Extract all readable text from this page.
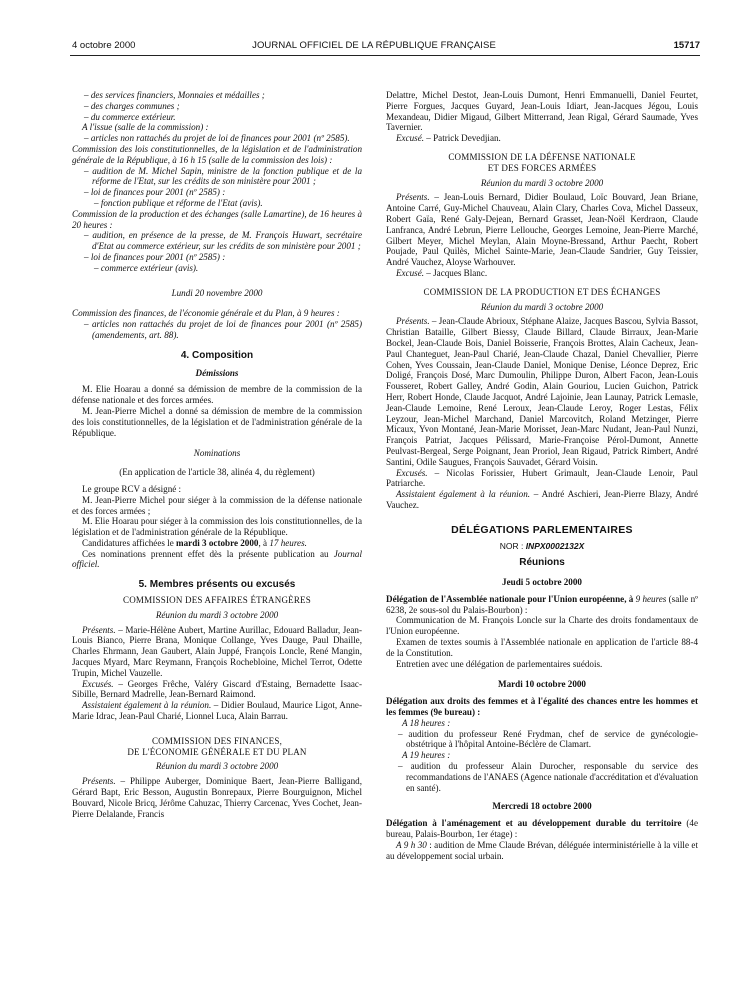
4 octobre 2000	JOURNAL OFFICIEL DE LA RÉPUBLIQUE FRANÇAISE	15717

– des services financiers, Monnaies et médailles ;

– des charges communes ;

– du commerce extérieur.

A l'issue (salle de la commission) :

– articles non rattachés du projet de loi de finances pour 2001 (nº 2585).

Commission des lois constitutionnelles, de la législation et de l'administration générale de la République, à 16 h 15 (salle de la commission des lois) :

– audition de M. Michel Sapin, ministre de la fonction publique et de la réforme de l'Etat, sur les crédits de son ministère pour 2001 ;

– loi de finances pour 2001 (nº 2585) :

– fonction publique et réforme de l'Etat (avis).

Commission de la production et des échanges (salle Lamartine), de 16 heures à 20 heures :

– audition, en présence de la presse, de M. François Huwart, secrétaire d'Etat au commerce extérieur, sur les crédits de son ministère pour 2001 ;

– loi de finances pour 2001 (nº 2585) :

– commerce extérieur (avis).

Lundi 20 novembre 2000

Commission des finances, de l'économie générale et du Plan, à 9 heures :

– articles non rattachés du projet de loi de finances pour 2001 (nº 2585) (amendements, art. 88).

4. Composition

Démissions

M. Elie Hoarau a donné sa démission de membre de la commission de la défense nationale et des forces armées.

M. Jean-Pierre Michel a donné sa démission de membre de la commission des lois constitutionnelles, de la législation et de l'administration générale de la République.

Nominations

(En application de l'article 38, alinéa 4, du règlement)

Le groupe RCV a désigné :

M. Jean-Pierre Michel pour siéger à la commission de la défense nationale et des forces armées ;

M. Elie Hoarau pour siéger à la commission des lois constitutionnelles, de la législation et de l'administration générale de la République.

Candidatures affichées le mardi 3 octobre 2000, à 17 heures.

Ces nominations prennent effet dès la présente publication au Journal officiel.

5. Membres présents ou excusés

COMMISSION DES AFFAIRES ÉTRANGÈRES

Réunion du mardi 3 octobre 2000

Présents. – Marie-Hélène Aubert, Martine Aurillac, Edouard Balladur, Jean-Louis Bianco, Pierre Brana, Monique Collange, Yves Dauge, Paul Dhaille, Charles Ehrmann, Jean Gaubert, Alain Juppé, François Loncle, René Mangin, Jacques Myard, Marc Reymann, François Rochebloine, Michel Terrot, Odette Trupin, Michel Vauzelle.

Excusés. – Georges Frêche, Valéry Giscard d'Estaing, Bernadette Isaac-Sibille, Bernard Madrelle, Jean-Bernard Raimond.

Assistaient également à la réunion. – Didier Boulaud, Maurice Ligot, Anne-Marie Idrac, Jean-Paul Charié, Lionnel Luca, Alain Barrau.

COMMISSION DES FINANCES,

DE L'ÉCONOMIE GÉNÉRALE ET DU PLAN

Réunion du mardi 3 octobre 2000

Présents. – Philippe Auberger, Dominique Baert, Jean-Pierre Balligand, Gérard Bapt, Eric Besson, Augustin Bonrepaux, Pierre Bourguignon, Michel Bouvard, Nicole Bricq, Jérôme Cahuzac, Thierry Carcenac, Yves Cochet, Jean-Pierre Delalande, Francis

Delattre, Michel Destot, Jean-Louis Dumont, Henri Emmanuelli, Daniel Feurtet, Pierre Forgues, Jacques Guyard, Jean-Louis Idiart, Jean-Jacques Jégou, Louis Mexandeau, Didier Migaud, Gilbert Mitterrand, Jean Rigal, Gérard Saumade, Yves Tavernier.

Excusé. – Patrick Devedjian.

COMMISSION DE LA DÉFENSE NATIONALE

ET DES FORCES ARMÉES

Réunion du mardi 3 octobre 2000

Présents. – Jean-Louis Bernard, Didier Boulaud, Loïc Bouvard, Jean Briane, Antoine Carré, Guy-Michel Chauveau, Alain Clary, Charles Cova, Michel Dasseux, Robert Gaïa, René Galy-Dejean, Bernard Grasset, Jean-Noël Kerdraon, Claude Lanfranca, André Lebrun, Pierre Lellouche, Georges Lemoine, Jean-Pierre Marché, Gilbert Meyer, Michel Meylan, Alain Moyne-Bressand, Arthur Paecht, Robert Poujade, Paul Quilès, Michel Sainte-Marie, Jean-Claude Sandrier, Guy Teissier, André Vauchez, Aloyse Warhouver.

Excusé. – Jacques Blanc.

COMMISSION DE LA PRODUCTION ET DES ÉCHANGES

Réunion du mardi 3 octobre 2000

Présents. – Jean-Claude Abrioux, Stéphane Alaize, Jacques Bascou, Sylvia Bassot, Christian Bataille, Gilbert Biessy, Claude Billard, Claude Birraux, Jean-Marie Bockel, Jean-Claude Bois, Daniel Boisserie, François Brottes, Alain Cacheux, Jean-Paul Chanteguet, Jean-Paul Charié, Jean-Claude Chazal, Daniel Chevallier, Pierre Cohen, Yves Coussain, Jean-Claude Daniel, Monique Denise, Léonce Deprez, Eric Doligé, François Dosé, Marc Dumoulin, Philippe Duron, Albert Facon, Jean-Louis Fousseret, Robert Galley, André Godin, Alain Gouriou, Lucien Guichon, Patrick Herr, Robert Honde, Claude Jacquot, André Lajoinie, Jean Launay, Patrick Lemasle, Jean-Claude Lemoine, René Leroux, Jean-Claude Leroy, Roger Lestas, Félix Leyzour, Jean-Michel Marchand, Daniel Marcovitch, Roland Metzinger, Pierre Micaux, Yvon Montané, Jean-Marie Morisset, Jean-Marc Nudant, Jean-Paul Nunzi, François Patriat, Jacques Pélissard, Marie-Françoise Pérol-Dumont, Annette Peulvast-Bergeal, Serge Poignant, Jean Proriol, Jean Rigaud, Patrick Rimbert, André Santini, Odile Saugues, François Sauvadet, Gérard Voisin.

Excusés. – Nicolas Forissier, Hubert Grimault, Jean-Claude Lenoir, Paul Patriarche.

Assistaient également à la réunion. – André Aschieri, Jean-Pierre Blazy, André Vauchez.

DÉLÉGATIONS PARLEMENTAIRES

NOR : INPX0002132X

Réunions

Jeudi 5 octobre 2000

Délégation de l'Assemblée nationale pour l'Union européenne, à 9 heures (salle nº 6238, 2e sous-sol du Palais-Bourbon) :

Communication de M. François Loncle sur la Charte des droits fondamentaux de l'Union européenne.

Examen de textes soumis à l'Assemblée nationale en application de l'article 88-4 de la Constitution.

Entretien avec une délégation de parlementaires suédois.

Mardi 10 octobre 2000

Délégation aux droits des femmes et à l'égalité des chances entre les hommes et les femmes (9e bureau) :

A 18 heures :

– audition du professeur René Frydman, chef de service de gynécologie-obstétrique à l'hôpital Antoine-Béclère de Clamart.

A 19 heures :

– audition du professeur Alain Durocher, responsable du service des recommandations de l'ANAES (Agence nationale d'accréditation et d'évaluation en santé).

Mercredi 18 octobre 2000

Délégation à l'aménagement et au développement durable du territoire (4e bureau, Palais-Bourbon, 1er étage) :

A 9 h 30 : audition de Mme Claude Brévan, déléguée interministérielle à la ville et au développement social urbain.
